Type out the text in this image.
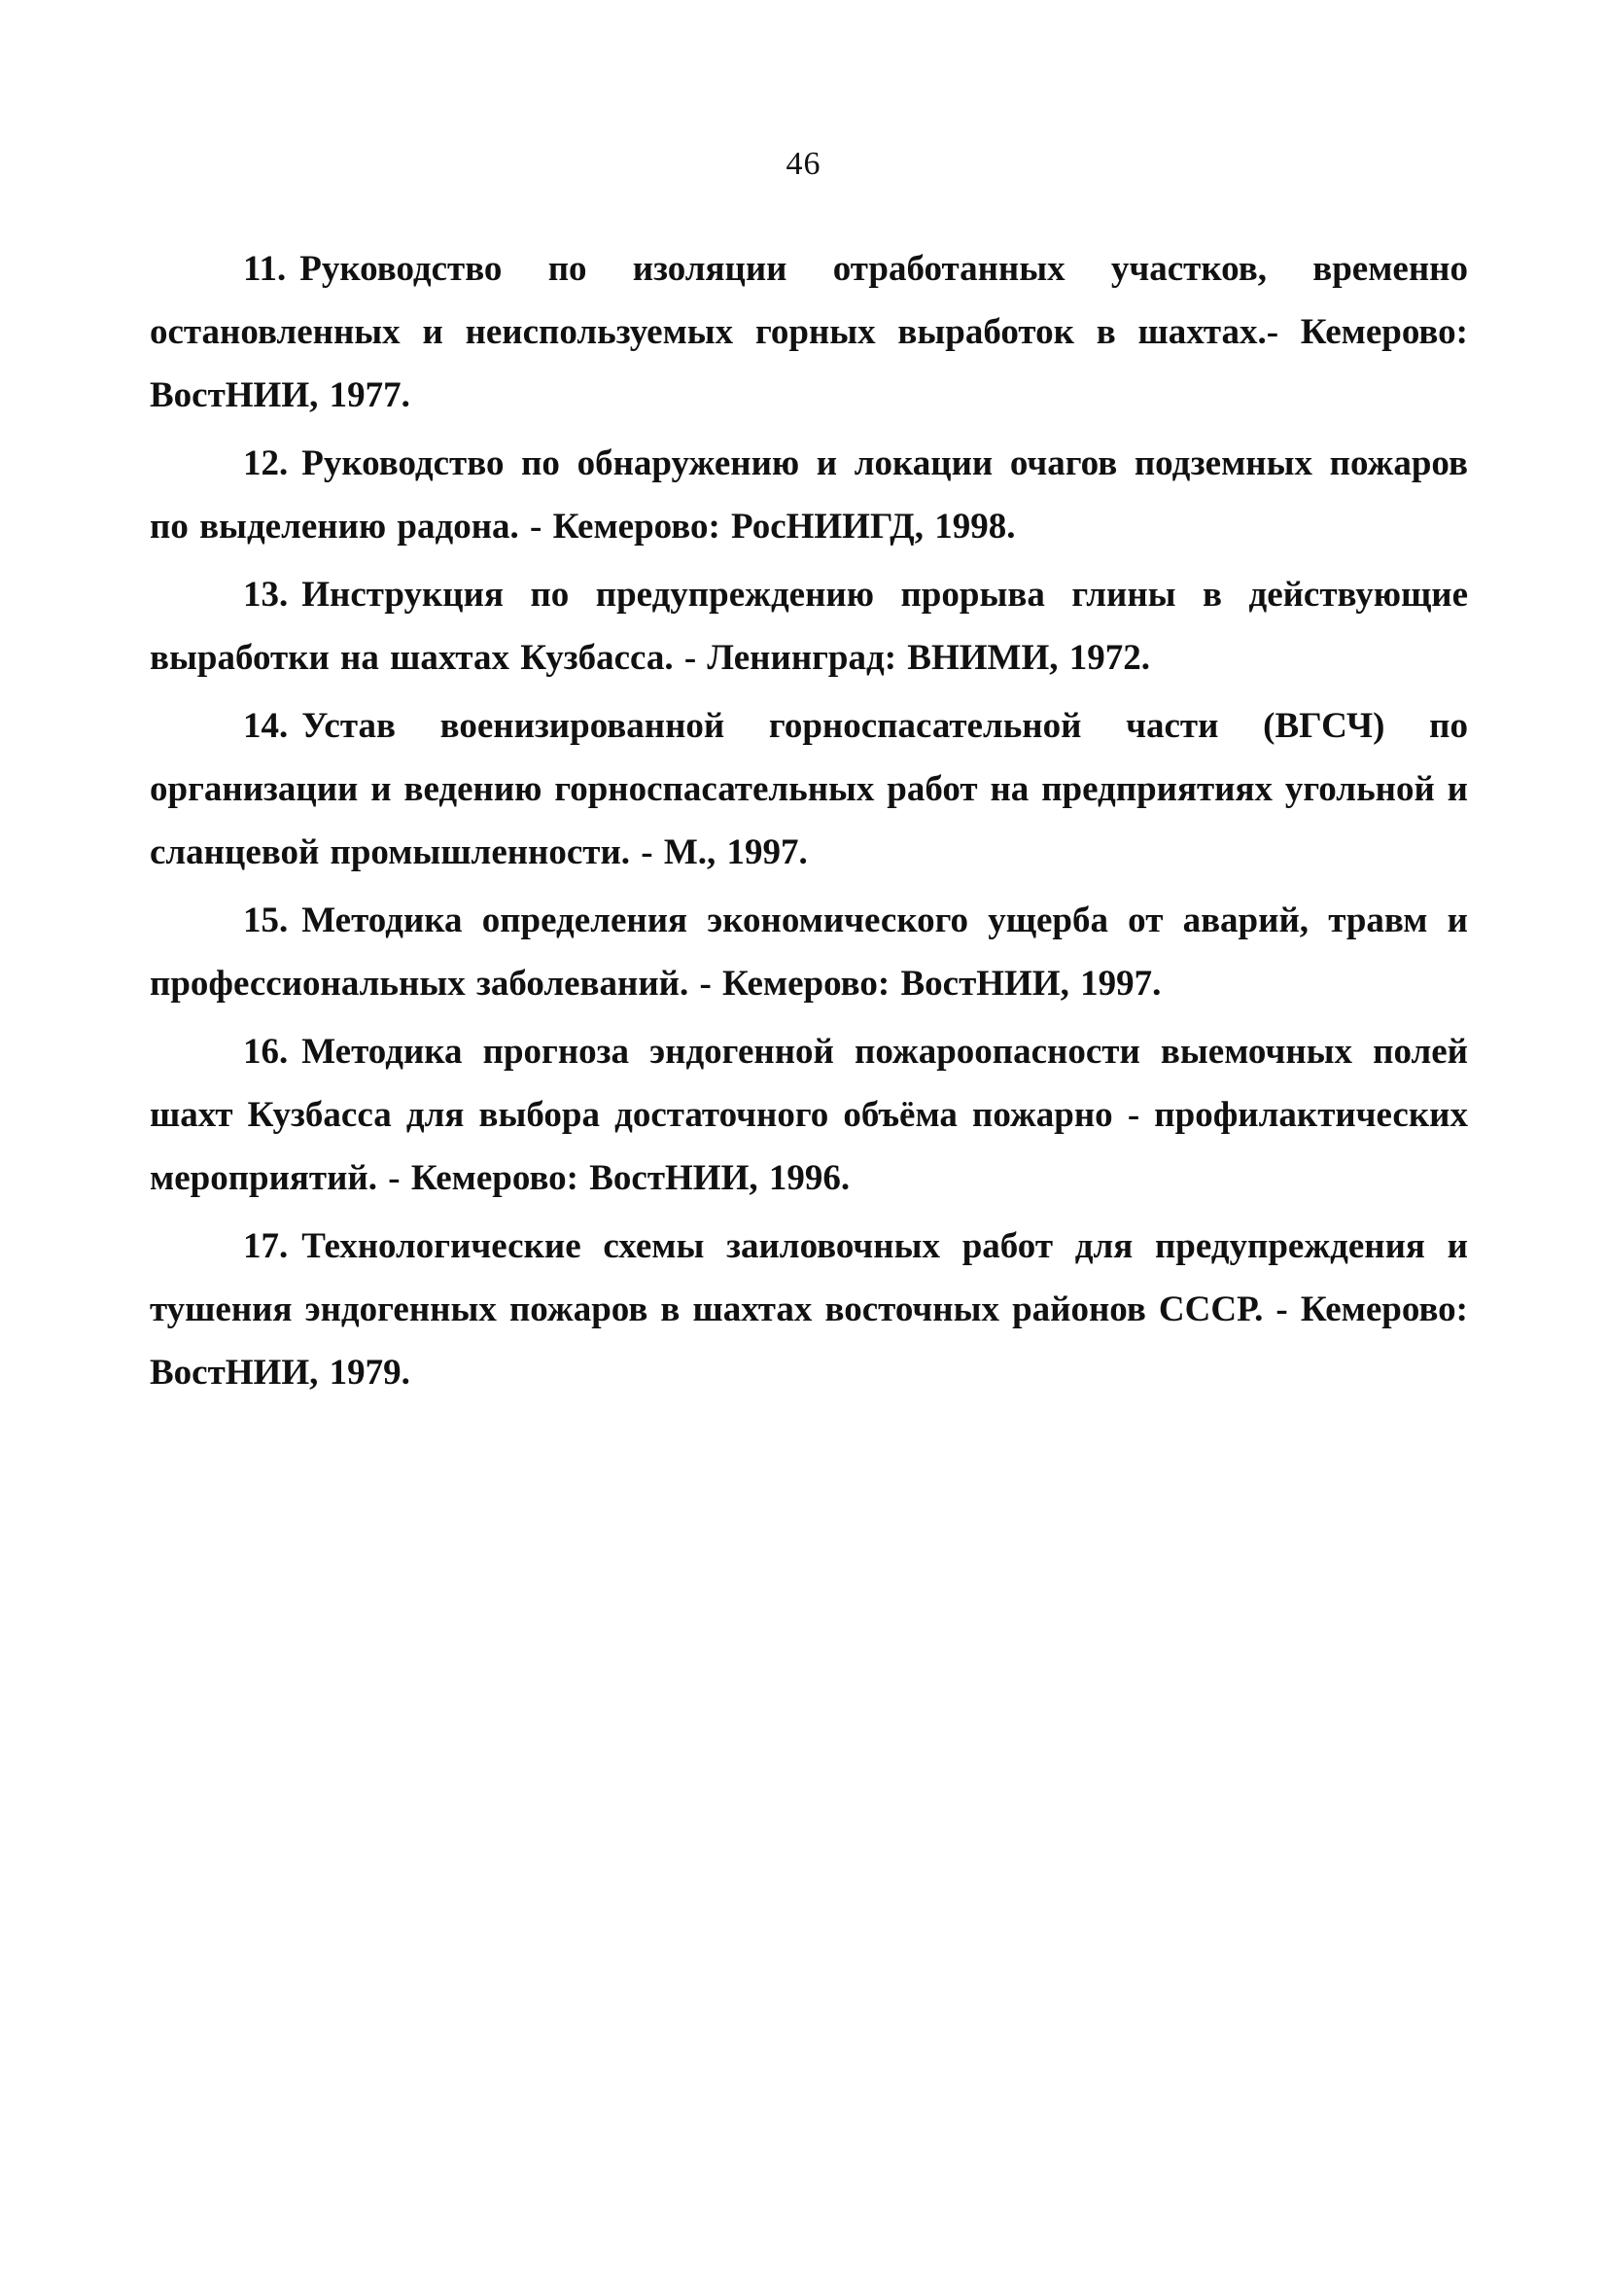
46
11. Руководство по изоляции отработанных участков, временно остановленных и неиспользуемых горных выработок в шахтах.- Кемерово: ВостНИИ, 1977.
12. Руководство по обнаружению и локации очагов подземных пожаров по выделению радона. - Кемерово: РосНИИГД, 1998.
13. Инструкция по предупреждению прорыва глины в действующие выработки на шахтах Кузбасса. - Ленинград: ВНИМИ, 1972.
14. Устав военизированной горноспасательной части (ВГСЧ) по организации и ведению горноспасательных работ на предприятиях угольной и сланцевой промышленности. - М., 1997.
15. Методика определения экономического ущерба от аварий, травм и профессиональных заболеваний. - Кемерово: ВостНИИ, 1997.
16. Методика прогноза эндогенной пожароопасности выемочных полей шахт Кузбасса для выбора достаточного объёма пожарно - профилактических мероприятий. - Кемерово: ВостНИИ, 1996.
17. Технологические схемы заиловочных работ для предупреждения и тушения эндогенных пожаров в шахтах восточных районов СССР. - Кемерово: ВостНИИ, 1979.
